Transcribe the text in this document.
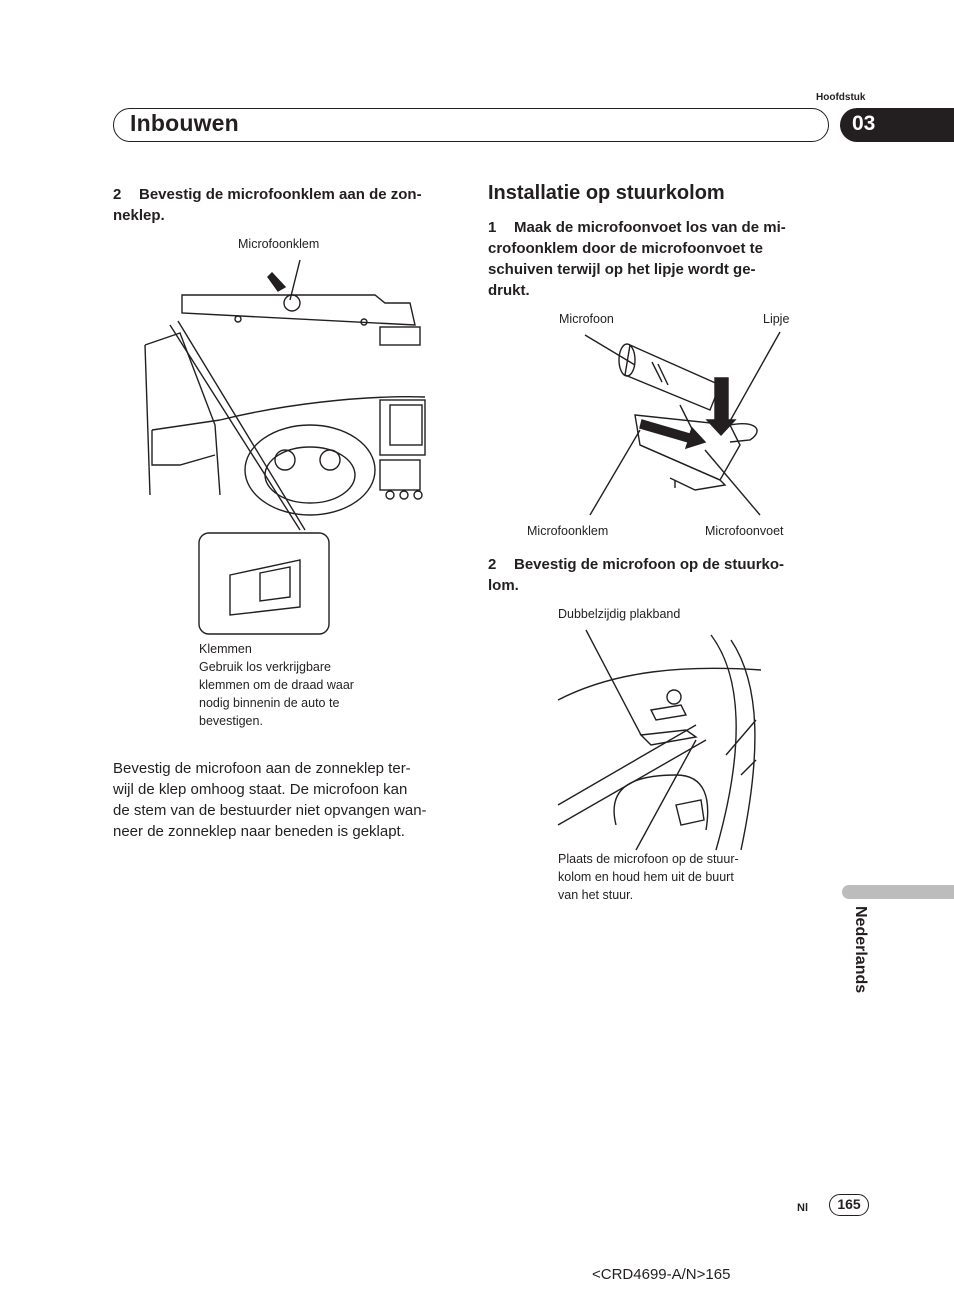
Hoofdstuk
Inbouwen	03
2 Bevestig de microfoonklem aan de zon-
neklep.
Microfoonklem
Klemmen
Gebruik los verkrijgbare
klemmen om de draad waar
nodig binnenin de auto te
bevestigen.
Bevestig de microfoon aan de zonneklep ter-
wijl de klep omhoog staat. De microfoon kan
de stem van de bestuurder niet opvangen wan-
neer de zonneklep naar beneden is geklapt.
Installatie op stuurkolom
1 Maak de microfoonvoet los van de mi-
crofoonklem door de microfoonvoet te
schuiven terwijl op het lipje wordt ge-
drukt.
Microfoon	Lipje
Microfoonklem	Microfoonvoet
2 Bevestig de microfoon op de stuurko-
lom.
Dubbelzijdig plakband
Plaats de microfoon op de stuur-
kolom en houd hem uit de buurt
van het stuur.
Nederlands
Nl	165
<CRD4699-A/N>165
